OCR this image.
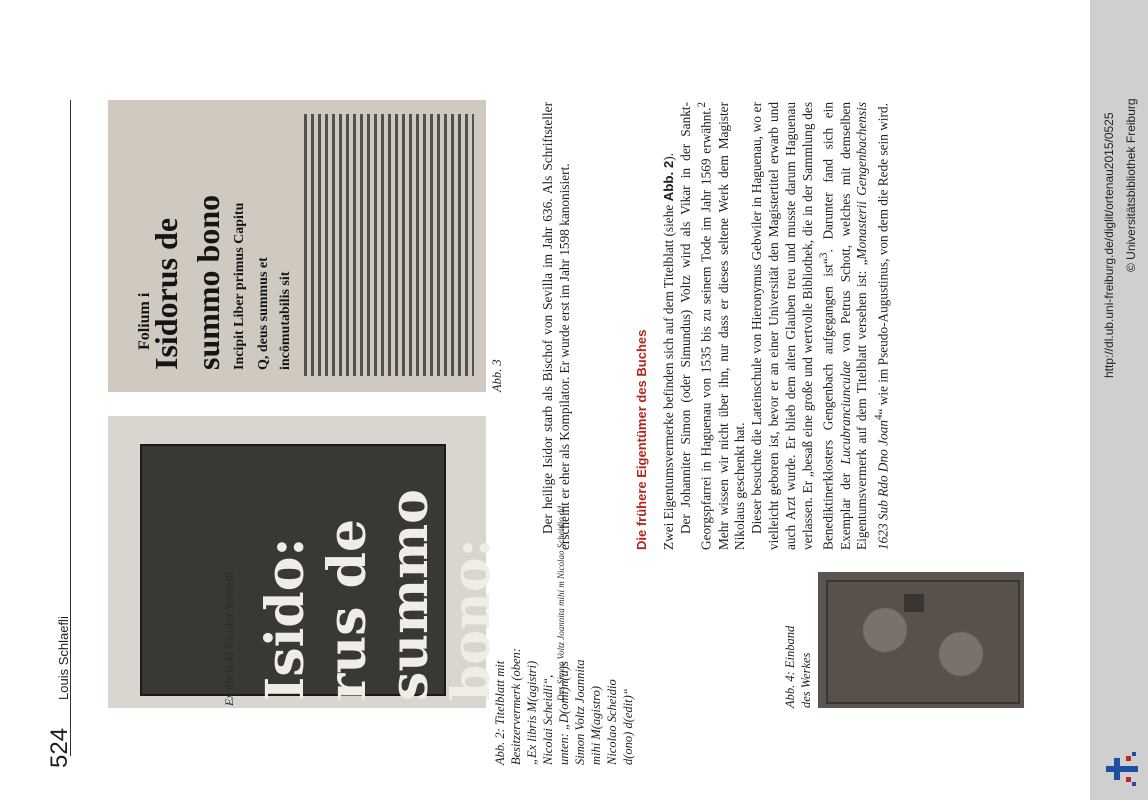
524
Louis Schlaefli	Ex libris M Nicolai Scheidli Isido: rus de summo bono:	Dns Simon Voltz Joannita mihi m Nicolao Scheidio dd
Folium i
Isidorus de summo bono Incipit Liber primus Capitu Q, deus summus et incômutabilis sit
Abb. 3

Abb. 2: Titelblatt mit Besitzervermerk (oben: „Ex libris M(agistri) Nicolai Scheidli“, unten: „D(omi)n(u)s Simon Voltz Joannita mihi M(agistro) Nicolao Scheidio d(ono) d(edit)“

Abb. 4: Einband des Werkes

Der heilige Isidor starb als Bischof von Sevilla im Jahr 636. Als Schriftsteller erscheint er eher als Kompilator. Er wurde erst im Jahr 1598 kanonisiert.	Die frühere Eigentümer des Buches Zwei Eigentumsvermerke befinden sich auf dem Titelblatt (siehe Abb. 2). Der Johanniter Simon (oder Simundus) Voltz wird als Vikar in der Sankt-Georgspfarrei in Haguenau von 1535 bis zu seinem Tode im Jahr 1569 erwähnt.$^2$ Mehr wissen wir nicht über ihn, nur dass er dieses seltene Werk dem Magister Nikolaus geschenkt hat. Dieser besuchte die Lateinschule von Hieronymus Gebwiler in Haguenau, wo er vielleicht geboren ist, bevor er an einer Universität den Magistertitel erwarb und auch Arzt wurde. Er blieb dem alten Glauben treu und musste darum Haguenau verlassen. Er „besaß eine große und wertvolle Bibliothek, die in der Sammlung des Benediktinerklosters Gengenbach aufgegangen ist“$^3$. Darunter fand sich ein Exemplar der Lucubranciunculae von Petrus Schott, welches mit demselben Eigentumsvermerk auf dem Titelblatt versehen ist: „Monasterii Gengenbachensis 1623 Sub Rdo Dno Joan$^4$“ wie im Pseudo-Augustinus, von dem die Rede sein wird.	http://dl.ub.uni-freiburg.de/diglit/ortenau2015/0525 © Universitätsbibliothek Freiburg
